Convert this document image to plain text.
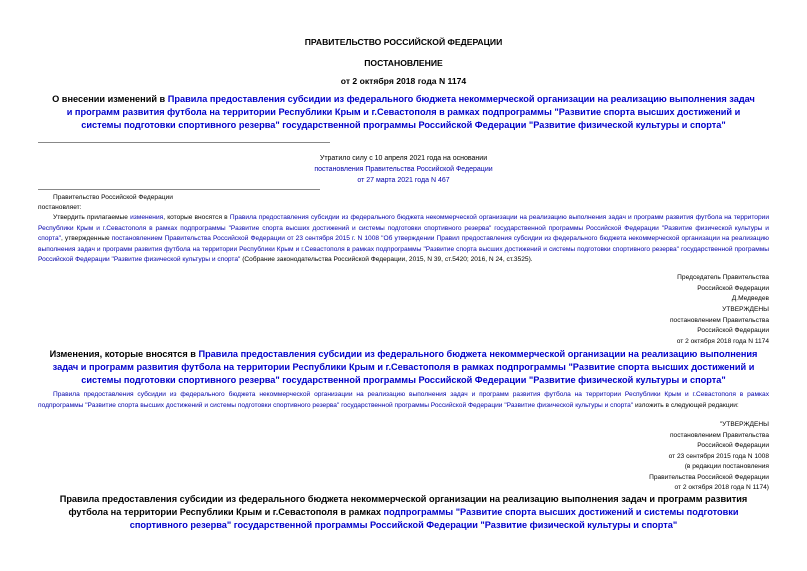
ПРАВИТЕЛЬСТВО РОССИЙСКОЙ ФЕДЕРАЦИИ
ПОСТАНОВЛЕНИЕ
от 2 октября 2018 года N 1174
О внесении изменений в Правила предоставления субсидии из федерального бюджета некоммерческой организации на реализацию выполнения задач и программ развития футбола на территории Республики Крым и г.Севастополя в рамках подпрограммы "Развитие спорта высших достижений и системы подготовки спортивного резерва" государственной программы Российской Федерации "Развитие физической культуры и спорта"
Утратило силу с 10 апреля 2021 года на основании
постановления Правительства Российской Федерации
от 27 марта 2021 года N 467
Правительство Российской Федерации
постановляет:
Утвердить прилагаемые изменения, которые вносятся в Правила предоставления субсидии из федерального бюджета некоммерческой организации на реализацию выполнения задач и программ развития футбола на территории Республики Крым и г.Севастополя в рамках подпрограммы "Развитие спорта высших достижений и системы подготовки спортивного резерва" государственной программы Российской Федерации "Развитие физической культуры и спорта", утвержденные постановлением Правительства Российской Федерации от 23 сентября 2015 г. N 1008 "Об утверждении Правил предоставления субсидии из федерального бюджета некоммерческой организации на реализацию выполнения задач и программ развития футбола на территории Республики Крым и г.Севастополя в рамках подпрограммы "Развитие спорта высших достижений и системы подготовки спортивного резерва" государственной программы Российской Федерации "Развитие физической культуры и спорта" (Собрание законодательства Российской Федерации, 2015, N 39, ст.5420; 2016, N 24, ст.3525).
Председатель Правительства
Российской Федерации
Д.Медведев
УТВЕРЖДЕНЫ
постановлением Правительства
Российской Федерации
от 2 октября 2018 года N 1174
Изменения, которые вносятся в Правила предоставления субсидии из федерального бюджета некоммерческой организации на реализацию выполнения задач и программ развития футбола на территории Республики Крым и г.Севастополя в рамках подпрограммы "Развитие спорта высших достижений и системы подготовки спортивного резерва" государственной программы Российской Федерации "Развитие физической культуры и спорта"
Правила предоставления субсидии из федерального бюджета некоммерческой организации на реализацию выполнения задач и программ развития футбола на территории Республики Крым и г.Севастополя в рамках подпрограммы "Развитие спорта высших достижений и системы подготовки спортивного резерва" государственной программы Российской Федерации "Развитие физической культуры и спорта" изложить в следующей редакции:
"УТВЕРЖДЕНЫ
постановлением Правительства
Российской Федерации
от 23 сентября 2015 года N 1008
(в редакции постановления
Правительства Российской Федерации
от 2 октября 2018 года N 1174)
Правила предоставления субсидии из федерального бюджета некоммерческой организации на реализацию выполнения задач и программ развития футбола на территории Республики Крым и г.Севастополя в рамках подпрограммы "Развитие спорта высших достижений и системы подготовки спортивного резерва" государственной программы Российской Федерации "Развитие физической культуры и спорта"
